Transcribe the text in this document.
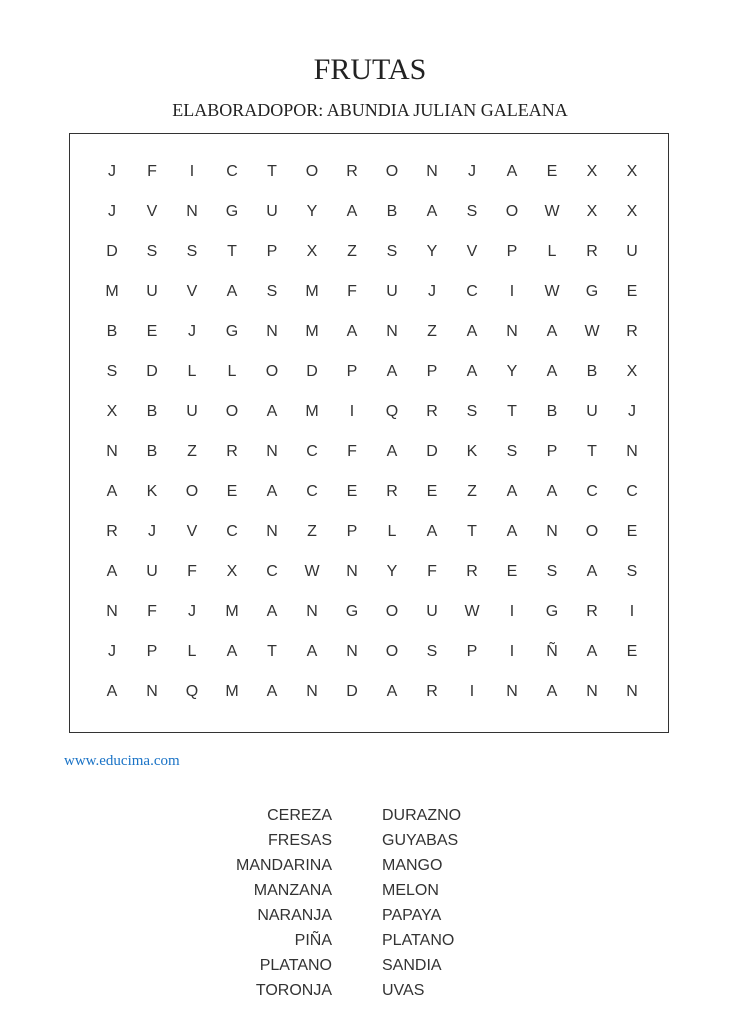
FRUTAS
ELABORADOPOR: ABUNDIA JULIAN GALEANA
J	F	I	C	T	O	R	O	N	J	A	E	X	X
J	V	N	G	U	Y	A	B	A	S	O	W	X	X
D	S	S	T	P	X	Z	S	Y	V	P	L	R	U
M	U	V	A	S	M	F	U	J	C	I	W	G	E
B	E	J	G	N	M	A	N	Z	A	N	A	W	R
S	D	L	L	O	D	P	A	P	A	Y	A	B	X
X	B	U	O	A	M	I	Q	R	S	T	B	U	J
N	B	Z	R	N	C	F	A	D	K	S	P	T	N
A	K	O	E	A	C	E	R	E	Z	A	A	C	C
R	J	V	C	N	Z	P	L	A	T	A	N	O	E
A	U	F	X	C	W	N	Y	F	R	E	S	A	S
N	F	J	M	A	N	G	O	U	W	I	G	R	I
J	P	L	A	T	A	N	O	S	P	I	Ñ	A	E
A	N	Q	M	A	N	D	A	R	I	N	A	N	N
www.educima.com
CEREZA
FRESAS
MANDARINA
MANZANA
NARANJA
PIÑA
PLATANO
TORONJA
DURAZNO
GUYABAS
MANGO
MELON
PAPAYA
PLATANO
SANDIA
UVAS
